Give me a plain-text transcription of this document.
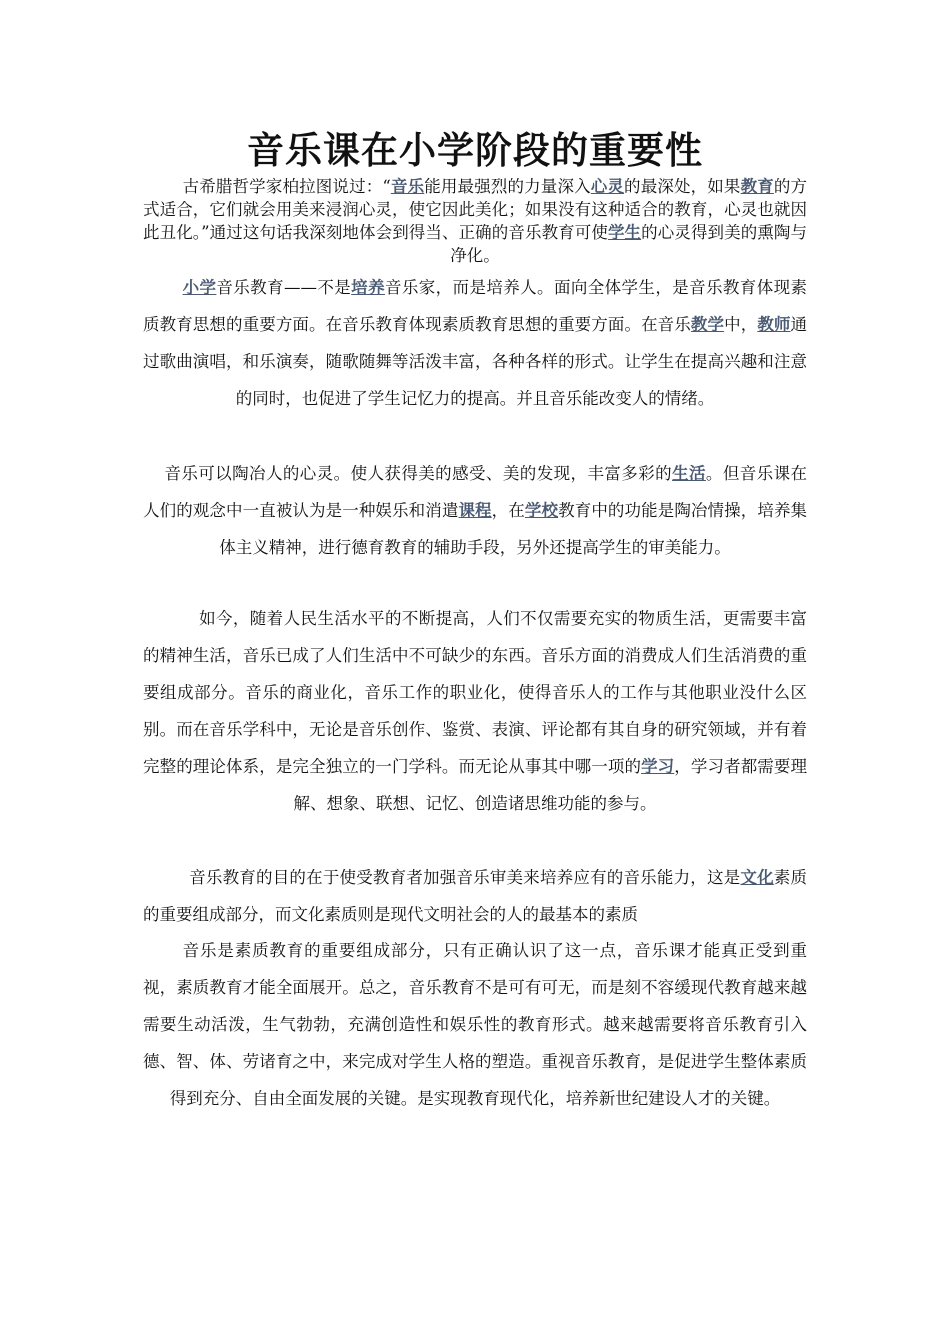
音乐课在小学阶段的重要性

古希腊哲学家柏拉图说过：“音乐能用最强烈的力量深入心灵的最深处，如果教育的方式适合，它们就会用美来浸润心灵，使它因此美化；如果没有这种适合的教育，心灵也就因此丑化。”通过这句话我深刻地体会到得当、正确的音乐教育可使学生的心灵得到美的熏陶与净化。

小学音乐教育——不是培养音乐家，而是培养人。面向全体学生，是音乐教育体现素质教育思想的重要方面。在音乐教育体现素质教育思想的重要方面。在音乐教学中，教师通过歌曲演唱，和乐演奏，随歌随舞等活泼丰富，各种各样的形式。让学生在提高兴趣和注意的同时，也促进了学生记忆力的提高。并且音乐能改变人的情绪。

音乐可以陶冶人的心灵。使人获得美的感受、美的发现，丰富多彩的生活。但音乐课在人们的观念中一直被认为是一种娱乐和消遣课程，在学校教育中的功能是陶冶情操，培养集体主义精神，进行德育教育的辅助手段，另外还提高学生的审美能力。

如今，随着人民生活水平的不断提高，人们不仅需要充实的物质生活，更需要丰富的精神生活，音乐已成了人们生活中不可缺少的东西。音乐方面的消费成人们生活消费的重要组成部分。音乐的商业化，音乐工作的职业化，使得音乐人的工作与其他职业没什么区别。而在音乐学科中，无论是音乐创作、鉴赏、表演、评论都有其自身的研究领域，并有着完整的理论体系，是完全独立的一门学科。而无论从事其中哪一项的学习，学习者都需要理解、想象、联想、记忆、创造诸思维功能的参与。

音乐教育的目的在于使受教育者加强音乐审美来培养应有的音乐能力，这是文化素质的重要组成部分，而文化素质则是现代文明社会的人的最基本的素质

音乐是素质教育的重要组成部分，只有正确认识了这一点，音乐课才能真正受到重视，素质教育才能全面展开。总之，音乐教育不是可有可无，而是刻不容缓现代教育越来越需要生动活泼，生气勃勃，充满创造性和娱乐性的教育形式。越来越需要将音乐教育引入德、智、体、劳诸育之中，来完成对学生人格的塑造。重视音乐教育，是促进学生整体素质得到充分、自由全面发展的关键。是实现教育现代化，培养新世纪建设人才的关键。
